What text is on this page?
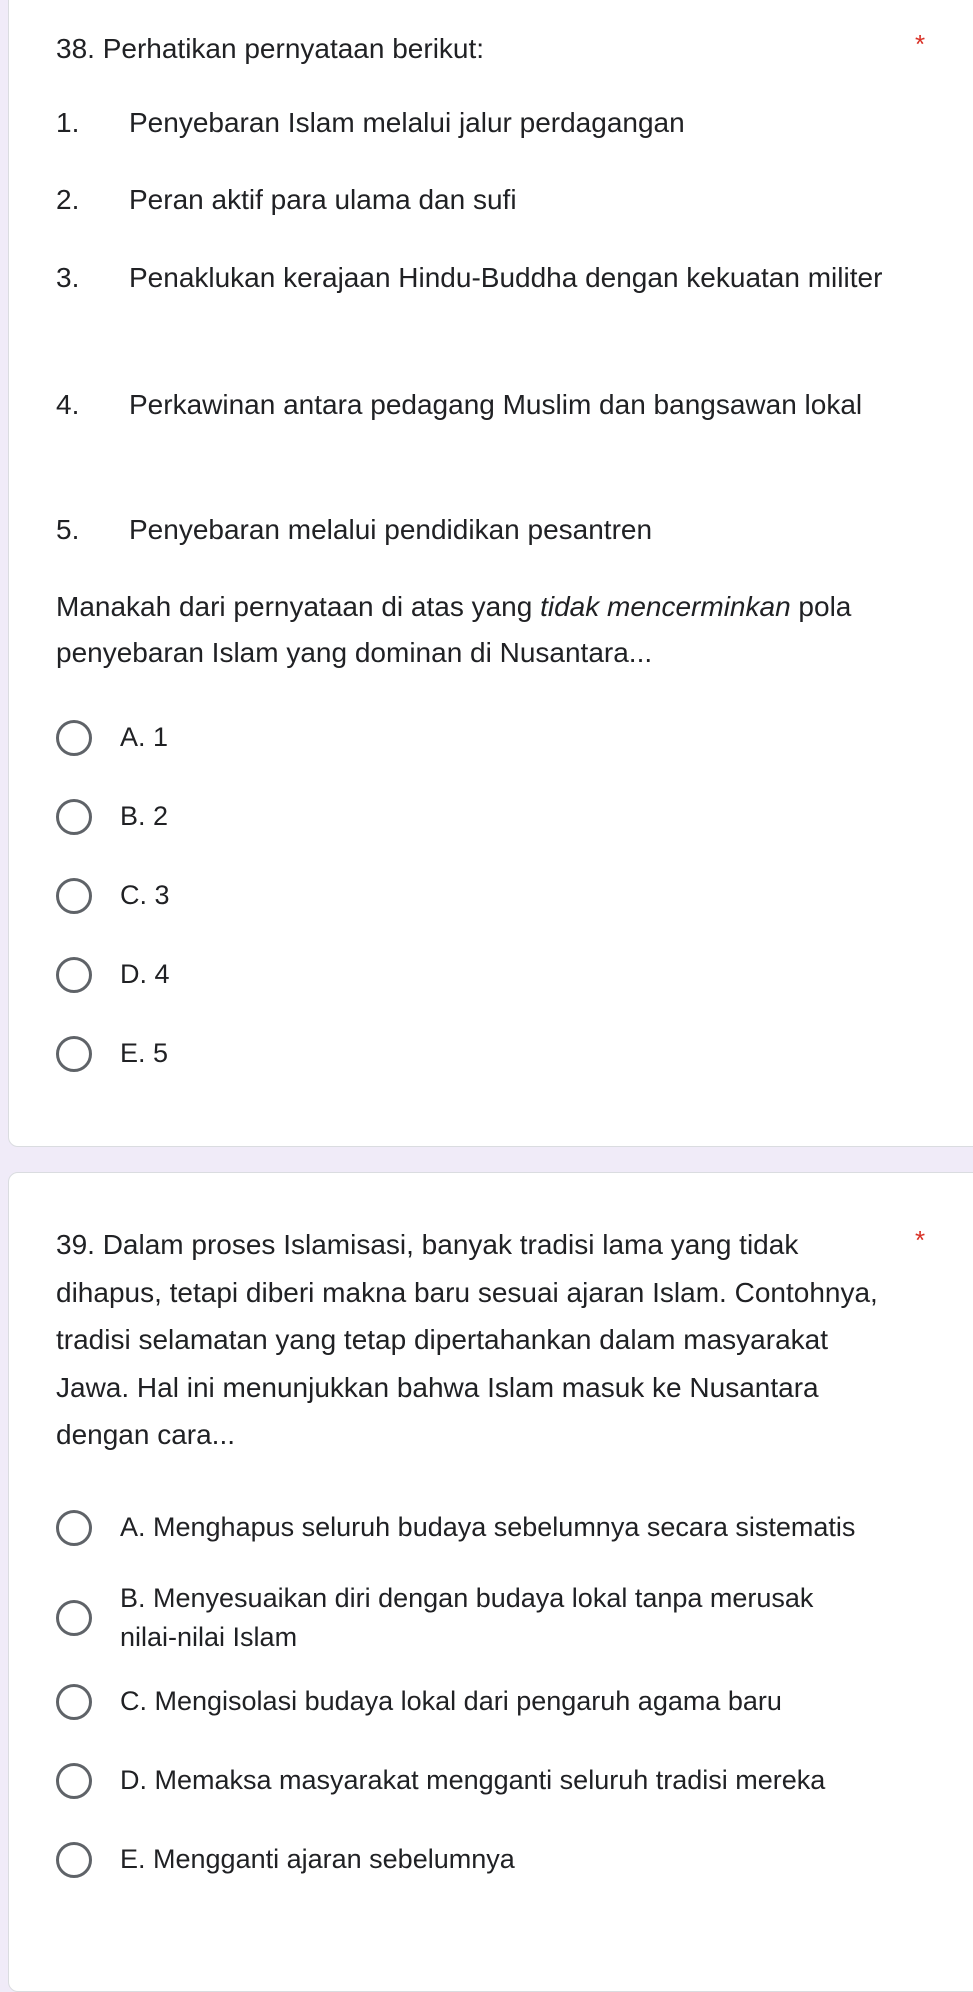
38. Perhatikan pernyataan berikut:	*
1. Penyebaran Islam melalui jalur perdagangan
2. Peran aktif para ulama dan sufi
3. Penaklukan kerajaan Hindu-Buddha dengan kekuatan militer
4. Perkawinan antara pedagang Muslim dan bangsawan lokal
5. Penyebaran melalui pendidikan pesantren
Manakah dari pernyataan di atas yang tidak mencerminkan pola penyebaran Islam yang dominan di Nusantara...
A. 1
B. 2
C. 3
D. 4
E. 5
39. Dalam proses Islamisasi, banyak tradisi lama yang tidak dihapus, tetapi diberi makna baru sesuai ajaran Islam. Contohnya, tradisi selamatan yang tetap dipertahankan dalam masyarakat Jawa. Hal ini menunjukkan bahwa Islam masuk ke Nusantara dengan cara...
*
A. Menghapus seluruh budaya sebelumnya secara sistematis
B. Menyesuaikan diri dengan budaya lokal tanpa merusak nilai-nilai Islam
C. Mengisolasi budaya lokal dari pengaruh agama baru
D. Memaksa masyarakat mengganti seluruh tradisi mereka
E. Mengganti ajaran sebelumnya
